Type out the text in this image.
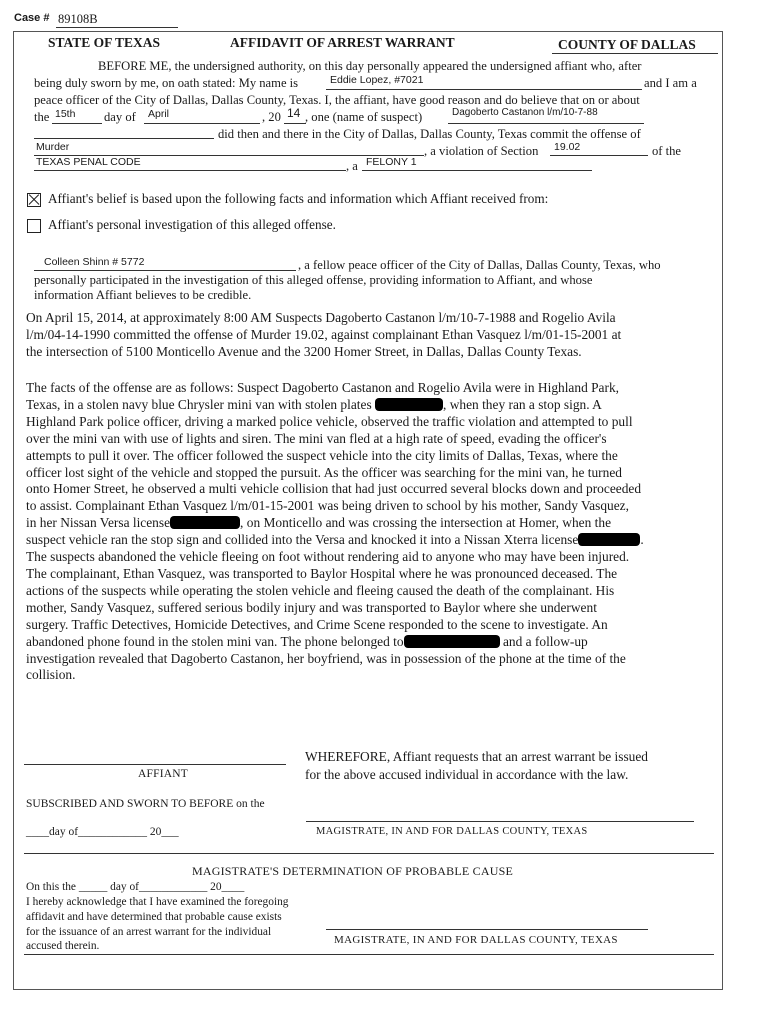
Case # 89108B
STATE OF TEXAS	AFFIDAVIT OF ARREST WARRANT	COUNTY OF DALLAS
BEFORE ME, the undersigned authority, on this day personally appeared the undersigned affiant who, after
being duly sworn by me, on oath stated: My name is	Eddie Lopez, #7021	and I am a
peace officer of the City of Dallas, Dallas County, Texas. I, the affiant, have good reason and do believe that on or about
the 15th day of April	, 20 14 , one (name of suspect)	Dagoberto Castanon l/m/10-7-88
did then and there in the City of Dallas, Dallas County, Texas commit the offense of
Murder	, a violation of Section 19.02	of the
TEXAS PENAL CODE	, a FELONY 1
Affiant's belief is based upon the following facts and information which Affiant received from:
Affiant's personal investigation of this alleged offense.
Colleen Shinn # 5772	, a fellow peace officer of the City of Dallas, Dallas County, Texas, who
personally participated in the investigation of this alleged offense, providing information to Affiant, and whose
information Affiant believes to be credible.
On April 15, 2014, at approximately 8:00 AM Suspects Dagoberto Castanon l/m/10-7-1988 and Rogelio Avila
l/m/04-14-1990 committed the offense of Murder 19.02, against complainant Ethan Vasquez l/m/01-15-2001 at
the intersection of 5100 Monticello Avenue and the 3200 Homer Street, in Dallas, Dallas County Texas.
The facts of the offense are as follows: Suspect Dagoberto Castanon and Rogelio Avila were in Highland Park,
Texas, in a stolen navy blue Chrysler mini van with stolen plates	, when they ran a stop sign. A
Highland Park police officer, driving a marked police vehicle, observed the traffic violation and attempted to pull
over the mini van with use of lights and siren. The mini van fled at a high rate of speed, evading the officer's
attempts to pull it over. The officer followed the suspect vehicle into the city limits of Dallas, Texas, where the
officer lost sight of the vehicle and stopped the pursuit. As the officer was searching for the mini van, he turned
onto Homer Street, he observed a multi vehicle collision that had just occurred several blocks down and proceeded
to assist. Complainant Ethan Vasquez l/m/01-15-2001 was being driven to school by his mother, Sandy Vasquez,
in her Nissan Versa license	, on Monticello and was crossing the intersection at Homer, when the
suspect vehicle ran the stop sign and collided into the Versa and knocked it into a Nissan Xterra license	.
The suspects abandoned the vehicle fleeing on foot without rendering aid to anyone who may have been injured.
The complainant, Ethan Vasquez, was transported to Baylor Hospital where he was pronounced deceased. The
actions of the suspects while operating the stolen vehicle and fleeing caused the death of the complainant. His
mother, Sandy Vasquez, suffered serious bodily injury and was transported to Baylor where she underwent
surgery. Traffic Detectives, Homicide Detectives, and Crime Scene responded to the scene to investigate. An
abandoned phone found in the stolen mini van. The phone belonged to	and a follow-up
investigation revealed that Dagoberto Castanon, her boyfriend, was in possession of the phone at the time of the
collision.
AFFIANT
WHEREFORE, Affiant requests that an arrest warrant be issued
for the above accused individual in accordance with the law.
SUBSCRIBED AND SWORN TO BEFORE on the
____day of____________ 20___	MAGISTRATE, IN AND FOR DALLAS COUNTY, TEXAS
MAGISTRATE'S DETERMINATION OF PROBABLE CAUSE
On this the _____ day of____________ 20____
I hereby acknowledge that I have examined the foregoing
affidavit and have determined that probable cause exists
for the issuance of an arrest warrant for the individual
accused therein.	MAGISTRATE, IN AND FOR DALLAS COUNTY, TEXAS
